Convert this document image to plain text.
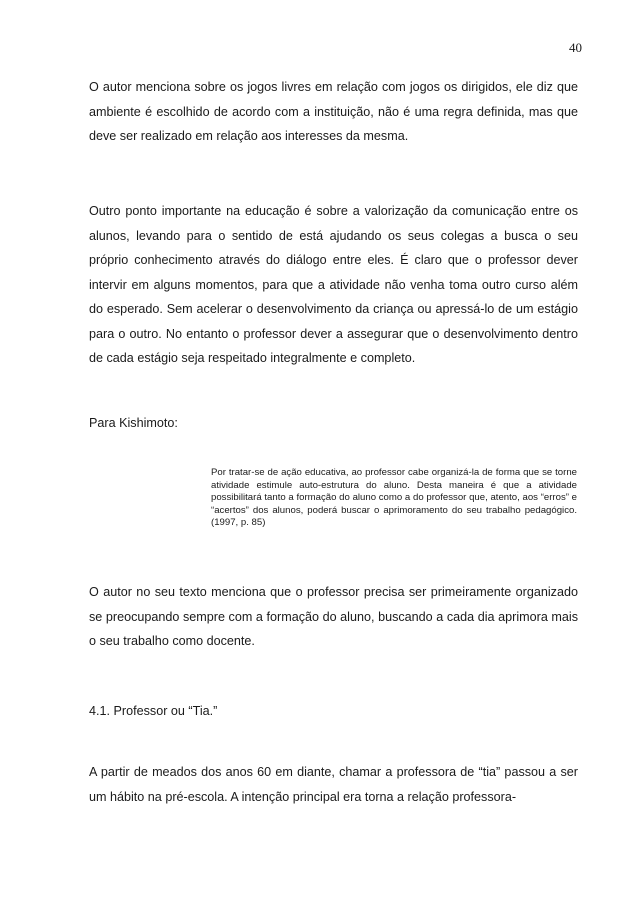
40

O autor menciona sobre os jogos livres em relação com jogos os dirigidos, ele diz que ambiente é escolhido de acordo com a instituição, não é uma regra definida, mas que deve ser realizado em relação aos interesses da mesma.

Outro ponto importante na educação é sobre a valorização da comunicação entre os alunos, levando para o sentido de está ajudando os seus colegas a busca o seu próprio conhecimento através do diálogo entre eles. É claro que o professor dever intervir em alguns momentos, para que a atividade não venha toma outro curso além do esperado. Sem acelerar o desenvolvimento da criança ou apressá-lo de um estágio para o outro. No entanto o professor dever a assegurar que o desenvolvimento dentro de cada estágio seja respeitado integralmente e completo.

Para Kishimoto:

Por tratar-se de ação educativa, ao professor cabe organizá-la de forma que se torne atividade estimule auto-estrutura do aluno. Desta maneira é que a atividade possibilitará tanto a formação do aluno como a do professor que, atento, aos “erros” e “acertos” dos alunos, poderá buscar o aprimoramento do seu trabalho pedagógico. (1997, p. 85)

O autor no seu texto menciona que o professor precisa ser primeiramente organizado se preocupando sempre com a formação do aluno, buscando a cada dia aprimora mais o seu trabalho como docente.

4.1. Professor ou “Tia.”

A partir de meados dos anos 60 em diante, chamar a professora de “tia” passou a ser um hábito na pré-escola. A intenção principal era torna a relação professora-
